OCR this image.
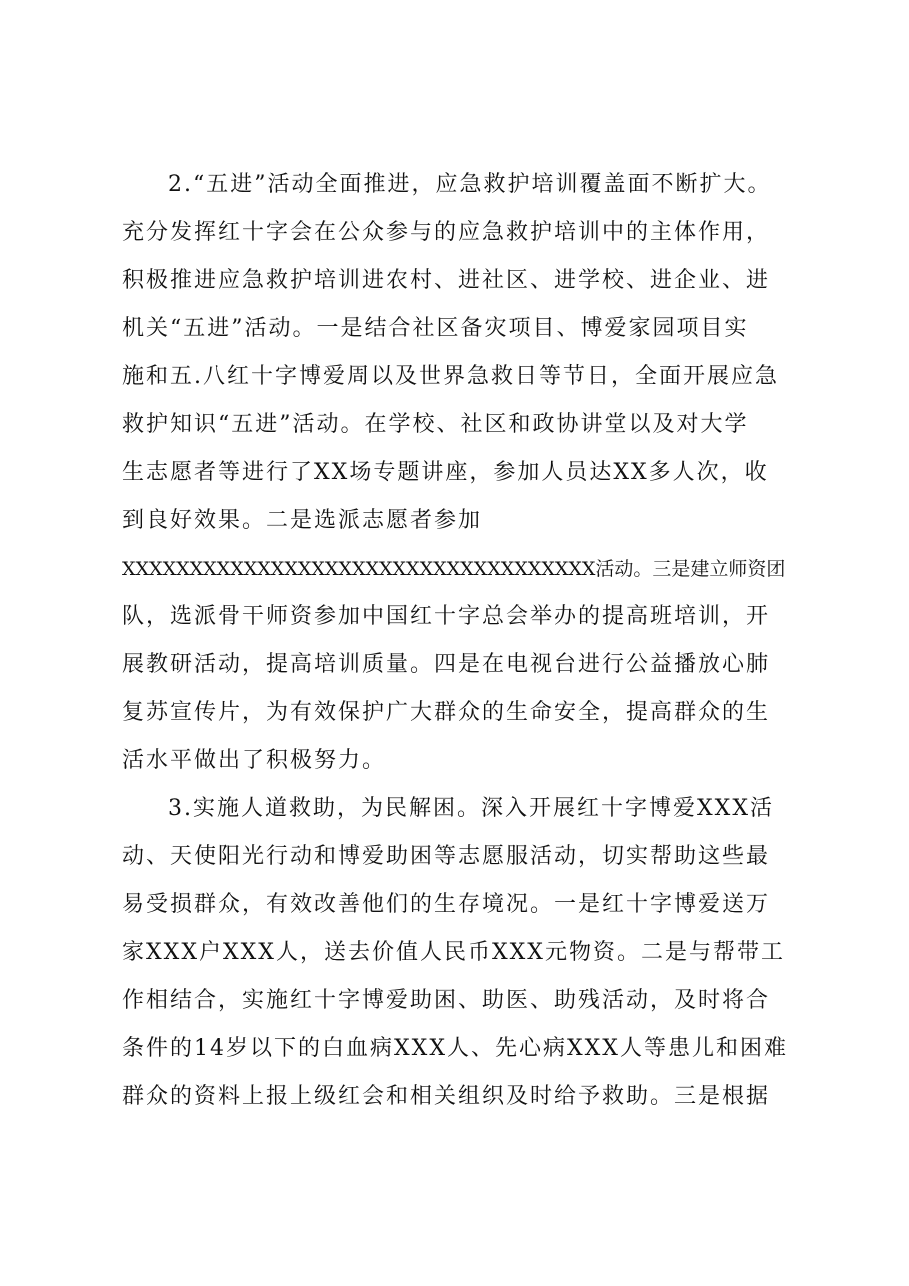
2.“五进”活动全面推进，应急救护培训覆盖面不断扩大。

充分发挥红十字会在公众参与的应急救护培训中的主体作用，

积极推进应急救护培训进农村、进社区、进学校、进企业、进

机关“五进”活动。一是结合社区备灾项目、博爱家园项目实

施和五.八红十字博爱周以及世界急救日等节日，全面开展应急

救护知识“五进”活动。在学校、社区和政协讲堂以及对大学

生志愿者等进行了XX场专题讲座，参加人员达XX多人次，收

到良好效果。二是选派志愿者参加

XXXXXXXXXXXXXXXXXXXXXXXXXXXXXXXXXXX活动。三是建立师资团

队，选派骨干师资参加中国红十字总会举办的提高班培训，开

展教研活动，提高培训质量。四是在电视台进行公益播放心肺

复苏宣传片，为有效保护广大群众的生命安全，提高群众的生

活水平做出了积极努力。

3.实施人道救助，为民解困。深入开展红十字博爱XXX活

动、天使阳光行动和博爱助困等志愿服活动，切实帮助这些最

易受损群众，有效改善他们的生存境况。一是红十字博爱送万

家XXX户XXX人，送去价值人民币XXX元物资。二是与帮带工

作相结合，实施红十字博爱助困、助医、助残活动，及时将合

条件的14岁以下的白血病XXX人、先心病XXX人等患儿和困难

群众的资料上报上级红会和相关组织及时给予救助。三是根据
